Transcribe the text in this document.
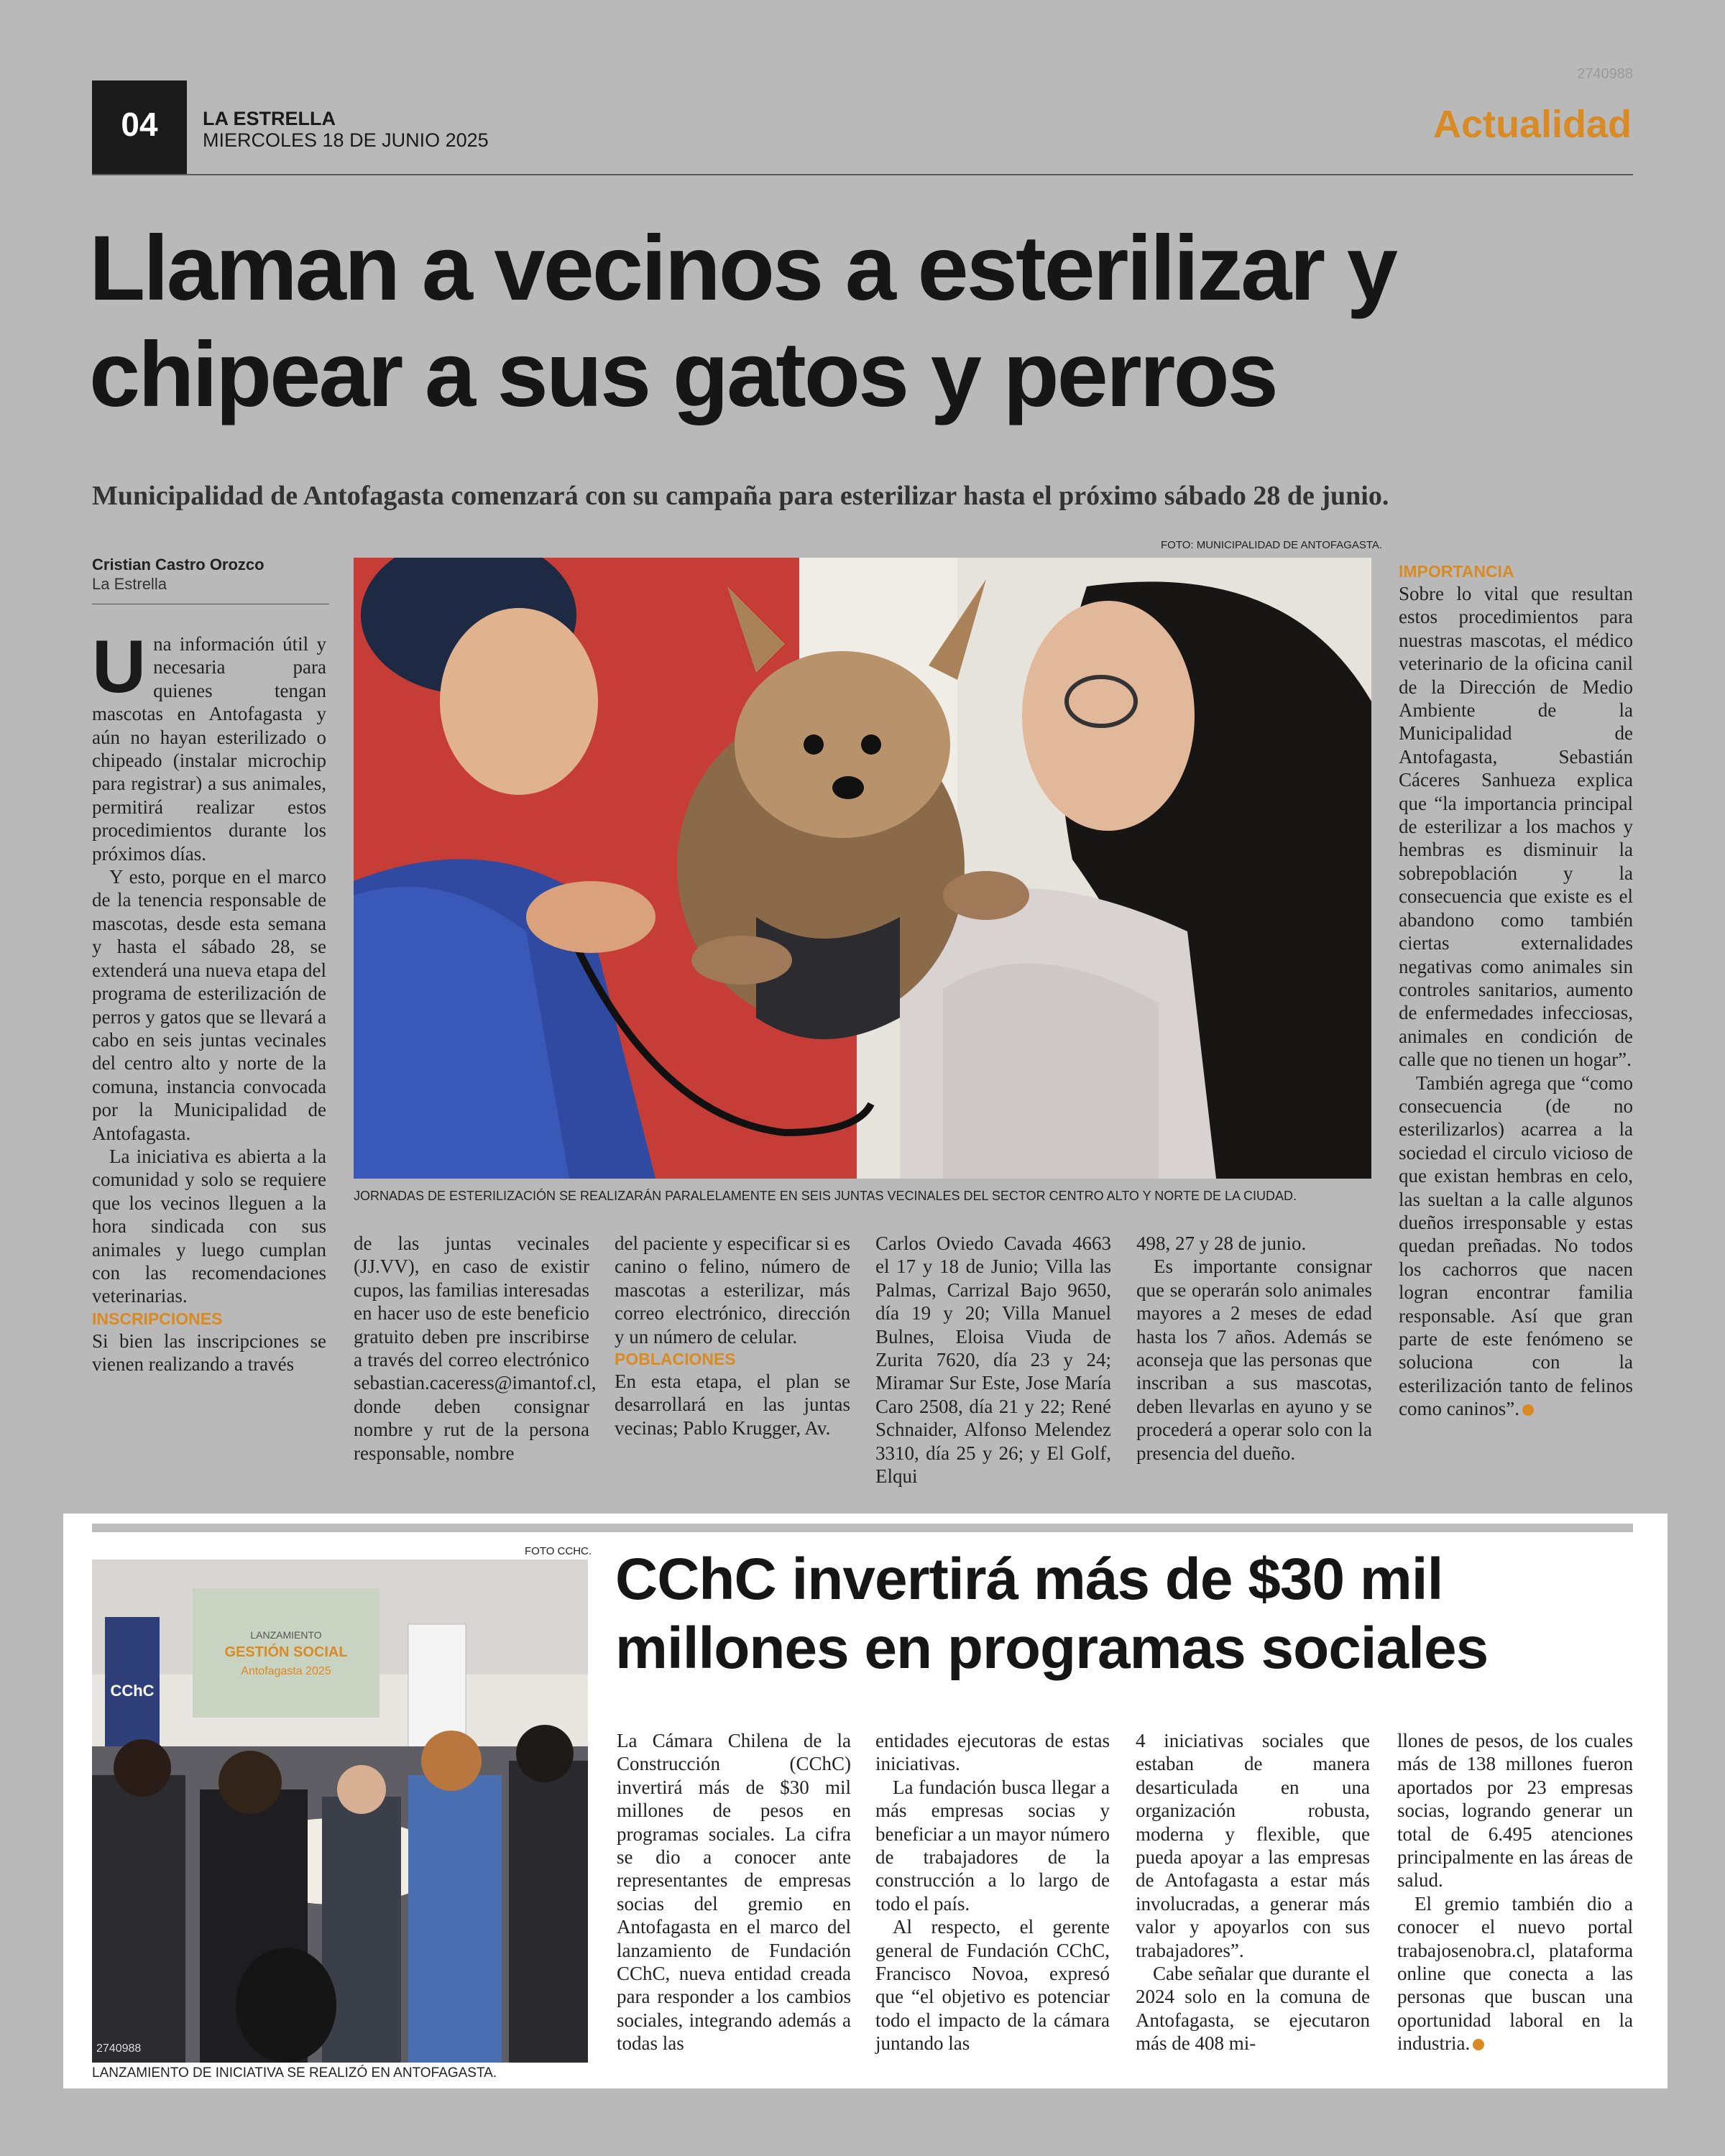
04	LA ESTRELLA
MIERCOLES 18 DE JUNIO 2025	Actualidad
2740988
Llaman a vecinos a esterilizar y
chipear a sus gatos y perros
Municipalidad de Antofagasta comenzará con su campaña para esterilizar hasta el próximo sábado 28 de junio.
Cristian Castro Orozco
La Estrella
FOTO: MUNICIPALIDAD DE ANTOFAGASTA.
JORNADAS DE ESTERILIZACIÓN SE REALIZARÁN PARALELAMENTE EN SEIS JUNTAS VECINALES DEL SECTOR CENTRO ALTO Y NORTE DE LA CIUDAD.

Una información útil y necesaria para quienes tengan mascotas en Antofagasta y aún no hayan esterilizado o chipeado (instalar microchip para registrar) a sus animales, permitirá realizar estos procedimientos durante los próximos días.

Y esto, porque en el marco de la tenencia responsable de mascotas, desde esta semana y hasta el sábado 28, se extenderá una nueva etapa del programa de esterilización de perros y gatos que se llevará a cabo en seis juntas vecinales del centro alto y norte de la comuna, instancia convocada por la Municipalidad de Antofagasta.

La iniciativa es abierta a la comunidad y solo se requiere que los vecinos lleguen a la hora sindicada con sus animales y luego cumplan con las recomendaciones veterinarias.

INSCRIPCIONES

Si bien las inscripciones se vienen realizando a través

de las juntas vecinales (JJ.VV), en caso de existir cupos, las familias interesadas en hacer uso de este beneficio gratuito deben pre inscribirse a través del correo electrónico sebastian.caceress@imantof.cl, donde deben consignar nombre y rut de la persona responsable, nombre

del paciente y especificar si es canino o felino, número de mascotas a esterilizar, más correo electrónico, dirección y un número de celular.

POBLACIONES

En esta etapa, el plan se desarrollará en las juntas vecinas; Pablo Krugger, Av.

Carlos Oviedo Cavada 4663 el 17 y 18 de Junio; Villa las Palmas, Carrizal Bajo 9650, día 19 y 20; Villa Manuel Bulnes, Eloisa Viuda de Zurita 7620, día 23 y 24; Miramar Sur Este, Jose María Caro 2508, día 21 y 22; René Schnaider, Alfonso Melendez 3310, día 25 y 26; y El Golf, Elqui

498, 27 y 28 de junio.

Es importante consignar que se operarán solo animales mayores a 2 meses de edad hasta los 7 años. Además se aconseja que las personas que inscriban a sus mascotas, deben llevarlas en ayuno y se procederá a operar solo con la presencia del dueño.

IMPORTANCIA

Sobre lo vital que resultan estos procedimientos para nuestras mascotas, el médico veterinario de la oficina canil de la Dirección de Medio Ambiente de la Municipalidad de Antofagasta, Sebastián Cáceres Sanhueza explica que “la importancia principal de esterilizar a los machos y hembras es disminuir la sobrepoblación y la consecuencia que existe es el abandono como también ciertas externalidades negativas como animales sin controles sanitarios, aumento de enfermedades infecciosas, animales en condición de calle que no tienen un hogar”.

También agrega que “como consecuencia (de no esterilizarlos) acarrea a la sociedad el circulo vicioso de que existan hembras en celo, las sueltan a la calle algunos dueños irresponsable y estas quedan preñadas. No todos los cachorros que nacen logran encontrar familia responsable. Así que gran parte de este fenómeno se soluciona con la esterilización tanto de felinos como caninos”.

FOTO CCHC.
LANZAMIENTO
GESTIÓN SOCIAL
Antofagasta 2025
CChC
2740988
LANZAMIENTO DE INICIATIVA SE REALIZÓ EN ANTOFAGASTA.
CChC invertirá más de $30 mil
millones en programas sociales

La Cámara Chilena de la Construcción (CChC) invertirá más de $30 mil millones de pesos en programas sociales. La cifra se dio a conocer ante representantes de empresas socias del gremio en Antofagasta en el marco del lanzamiento de Fundación CChC, nueva entidad creada para responder a los cambios sociales, integrando además a todas las

entidades ejecutoras de estas iniciativas.

La fundación busca llegar a más empresas socias y beneficiar a un mayor número de trabajadores de la construcción a lo largo de todo el país.

Al respecto, el gerente general de Fundación CChC, Francisco Novoa, expresó que “el objetivo es potenciar todo el impacto de la cámara juntando las

4 iniciativas sociales que estaban de manera desarticulada en una organización robusta, moderna y flexible, que pueda apoyar a las empresas de Antofagasta a estar más involucradas, a generar más valor y apoyarlos con sus trabajadores”.

Cabe señalar que durante el 2024 solo en la comuna de Antofagasta, se ejecutaron más de 408 mi-

llones de pesos, de los cuales más de 138 millones fueron aportados por 23 empresas socias, logrando generar un total de 6.495 atenciones principalmente en las áreas de salud.

El gremio también dio a conocer el nuevo portal trabajosenobra.cl, plataforma online que conecta a las personas que buscan una oportunidad laboral en la industria.
